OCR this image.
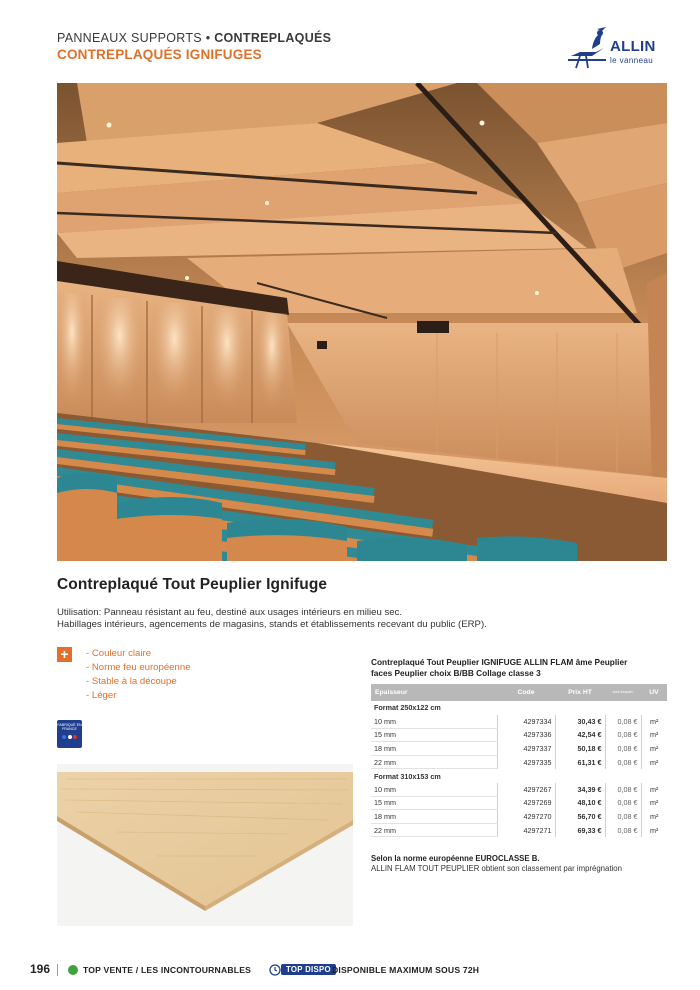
PANNEAUX SUPPORTS • CONTREPLAQUÉS
CONTREPLAQUÉS IGNIFUGES	ALLIN
le vanneau
Contreplaqué Tout Peuplier Ignifuge
Utilisation: Panneau résistant au feu, destiné aux usages intérieurs en milieu sec.
Habillages intérieurs, agencements de magasins, stands et établissements recevant du public (ERP).
+	- Couleur claire
- Norme feu européenne
- Stable à la découpe
- Léger
FABRIQUÉ EN FRANCE
Contreplaqué Tout Peuplier IGNIFUGE ALLIN FLAM âme Peuplier
faces Peuplier choix B/BB Collage classe 3
Epaisseur	Code	Prix HT	dont écopart.	UV
Format 250x122 cm				
10 mm	4297334	30,43 €	0,08 €	m²
15 mm	4297336	42,54 €	0,08 €	m²
18 mm	4297337	50,18 €	0,08 €	m²
22 mm	4297335	61,31 €	0,08 €	m²
Format 310x153 cm				
10 mm	4297267	34,39 €	0,08 €	m²
15 mm	4297269	48,10 €	0,08 €	m²
18 mm	4297270	56,70 €	0,08 €	m²
22 mm	4297271	69,33 €	0,08 €	m²
Selon la norme européenne EUROCLASSE B.
ALLIN FLAM TOUT PEUPLIER obtient son classement par imprégnation
196	TOP VENTE / LES INCONTOURNABLES	TOP DISPO DISPONIBLE MAXIMUM SOUS 72H
